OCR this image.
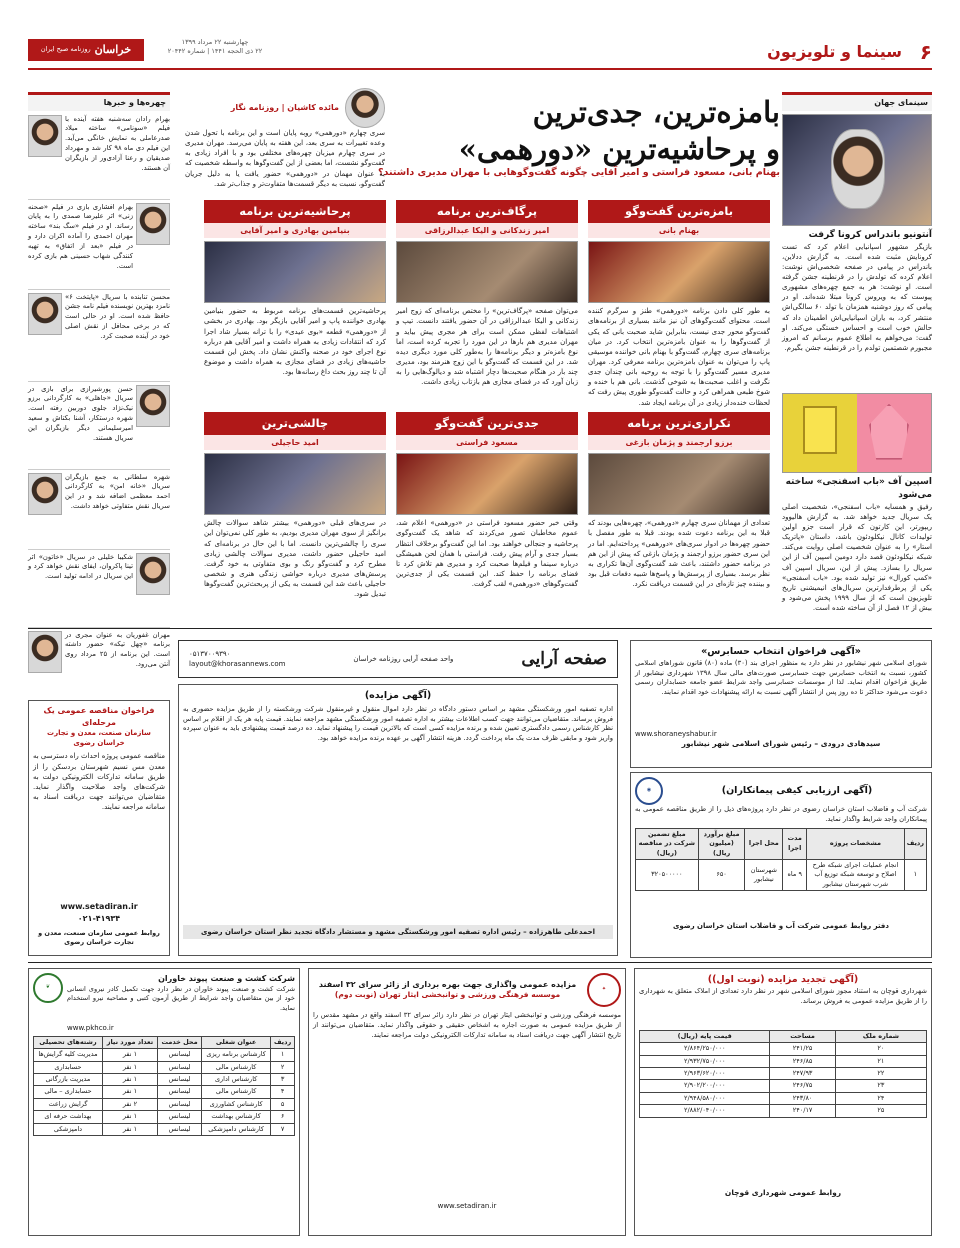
۶
سینما و تلویزیون
چهارشنبه ۲۲ مرداد ۱۳۹۹
۲۲ ذی الحجه ۱۴۴۱ | شماره ۲۰۴۴۲
خراسان
روزنامه صبح ایران
سینمای جهان
آنتونیو باندراس کرونا گرفت
بازیگر مشهور اسپانیایی اعلام کرد که تست کرونایش مثبت شده است. به گزارش ددلاین، باندراس در پیامی در صفحه شخصی‌اش نوشت: اعلام کرده که تولدش را در قرنطینه جشن گرفته است. او نوشت: هر به جمع چهره‌های مشهوری پیوست که به ویروس کرونا مبتلا شده‌اند. او در پیامی که روز دوشنبه همزمان با تولد ۶۰ سالگی‌اش منتشر کرد، به یاران اسپانیایی‌اش اطمینان داد که حالش خوب است و احساس خستگی می‌کند. او گفت: می‌خواهم به اطلاع عموم برسانم که امروز مجبورم شصتمین تولدم را در قرنطینه جشن بگیرم.
اسپین آف «باب اسفنجی» ساخته می‌شود
رفیق و همسایه «باب اسفنجی»، شخصیت اصلی یک سریال جدید خواهد شد. به گزارش هالیوود ریپورتر، این کارتون که قرار است جزو اولین تولیدات کانال نیکلودئون باشد، داستان «پاتریک استار» را به عنوان شخصیت اصلی روایت می‌کند. شبکه نیکلودئون قصد دارد دومین اسپین آف از این سریال را بسازد. پیش از این، سریال اسپین آف «کمپ کورال» نیز تولید شده بود. «باب اسفنجی» یکی از پرطرفدارترین سریال‌های انیمیشنی تاریخ تلویزیون است که از سال ۱۹۹۹ پخش می‌شود و بیش از ۱۲ فصل از آن ساخته شده است.
بامزه‌ترین، جدی‌ترین
و پرحاشیه‌ترین «دورهمی»
بهنام بانی، مسعود فراستی و امیر آقایی چگونه گفت‌وگوهایی با مهران مدیری داشتند؟
مائده کاشیان | روزنامه نگار
سری چهارم «دورهمی» روبه پایان است و این برنامه با تحول شدن وعده تغییرات به سری بعد، این هفته به پایان می‌رسد. مهران مدیری در سری چهارم میزبان چهره‌های مختلفی بود و با افراد زیادی به گفت‌وگو نشست، اما بعضی از این گفت‌وگوها به واسطه شخصیت که به عنوان مهمان در «دورهمی» حضور یافت یا به دلیل جریان گفت‌وگو، نسبت به دیگر قسمت‌ها متفاوت‌تر و جذاب‌تر شد.
بامزه‌ترین گفت‌وگو
بهنام بانی
به طور کلی دادن برنامه «دورهمی» طنز و سرگرم کننده است. محتوای گفت‌وگوهای آن نیز مانند بسیاری از برنامه‌های گفت‌وگو محور جدی نیست، بنابراین شاید صحبت بانی که یکی از گفت‌وگوها را به عنوان بامزه‌ترین انتخاب کرد. در میان برنامه‌های سری چهارم، گفت‌وگو با بهنام بانی خواننده موسیقی پاپ را می‌توان به عنوان بامزه‌ترین برنامه معرفی کرد. مهران مدیری مسیر گفت‌وگو را با توجه به روحیه بانی چندان جدی نگرفت و اغلب صحبت‌ها به شوخی گذشت. بانی هم با خنده و شوخ طبعی همراهی کرد و حالت گفت‌وگو طوری پیش رفت که لحظات خنده‌دار زیادی در آن برنامه ایجاد شد.
پرگاف‌ترین برنامه
امیر زندکانی و الیکا عبدالرزاقی
می‌توان صفحه «پرگاف‌ترین» را مختص برنامه‌ای که زوج امیر زندکانی و الیکا عبدالرزاقی در آن حضور یافتند دانست. تیپ و اشتباهات لفظی ممکن است برای هر مجری پیش بیاید و مهران مدیری هم بارها در این مورد را تجربه کرده است، اما نوع بامزه‌تر و دیگر برنامه‌ها را به‌طور کلی مورد دیگری دیده شد. در این قسمت که گفت‌وگو با این زوج هنرمند بود، مدیری چند بار در هنگام صحبت‌ها دچار اشتباه شد و دیالوگ‌هایی را به زبان آورد که در فضای مجازی هم بازتاب زیادی داشت.
پرحاشیه‌ترین برنامه
بنیامین بهادری و امیر آقایی
پرحاشیه‌ترین قسمت‌های برنامه مربوط به حضور بنیامین بهادری خواننده پاپ و امیر آقایی بازیگر بود. بهادری در بخشی از «دورهمی» قطعه «بوی عیدی» را با ترانه بسیار شاد اجرا کرد که انتقادات زیادی به همراه داشت و امیر آقایی هم درباره نوع اجرای خود در صحنه واکنش نشان داد. پخش این قسمت حاشیه‌های زیادی در فضای مجازی به همراه داشت و موضوع آن تا چند روز بحث داغ رسانه‌ها بود.
تکراری‌ترین برنامه
برزو ارجمند و پژمان بازغی
تعدادی از مهمانان سری چهارم «دورهمی»، چهره‌هایی بودند که قبلا به این برنامه دعوت شده بودند. قبلا به طور مفصل با حضور چهره‌ها در ادوار سری‌های «دورهمی» پرداخته‌ایم. اما در این سری حضور برزو ارجمند و پژمان بازغی که پیش از این هم در برنامه حضور داشتند، باعث شد گفت‌وگوی آن‌ها تکراری به نظر برسد. بسیاری از پرسش‌ها و پاسخ‌ها شبیه دفعات قبل بود و بیننده چیز تازه‌ای در این قسمت دریافت نکرد.
جدی‌ترین گفت‌وگو
مسعود فراستی
وقتی خبر حضور مسعود فراستی در «دورهمی» اعلام شد، عموم مخاطبان تصور می‌کردند که شاهد یک گفت‌وگوی پرحاشیه و جنجالی خواهند بود. اما این گفت‌وگو برخلاف انتظار بسیار جدی و آرام پیش رفت. فراستی با همان لحن همیشگی درباره سینما و فیلم‌ها صحبت کرد و مدیری هم تلاش کرد تا فضای برنامه را حفظ کند. این قسمت یکی از جدی‌ترین گفت‌وگوهای «دورهمی» لقب گرفت.
چالشی‌ترین
امید حاجیلی
در سری‌های قبلی «دورهمی» بیشتر شاهد سوالات چالش برانگیز از سوی مهران مدیری بودیم، به طور کلی نمی‌توان این سری را چالشی‌ترین دانست. اما با این حال در برنامه‌ای که امید حاجیلی حضور داشت، مدیری سوالات چالشی زیادی مطرح کرد و گفت‌وگو رنگ و بوی متفاوتی به خود گرفت. پرسش‌های مدیری درباره حواشی زندگی هنری و شخصی حاجیلی باعث شد این قسمت به یکی از پربحث‌ترین گفت‌وگوها تبدیل شود.
چهره‌ها و خبرها
بهرام رادان سه‌شنبه هفته آینده با فیلم «سونامی» ساخته میلاد صدرعاملی به نمایش خانگی می‌آید. این فیلم دی ماه ۹۸ کار شد و مهرداد صدیقیان و رعنا آزادی‌ور از بازیگران آن هستند.
بهرام افشاری بازی در فیلم «صحنه زنی» اثر علیرضا صمدی را به پایان رساند. او در فیلم «سگ بند» ساخته مهران احمدی را آماده اکران دارد و در فیلم «بعد از اتفاق» به تهیه کنندگی شهاب حسینی هم بازی کرده است.
محسن تنابنده با سریال «پایتخت ۶» نامزد بهترین نویسنده فیلم نامه جشن حافظ شده است. او در حالی است که در برخی محافل از نقش اصلی خود در آینده صحبت کرد.
حسن پورشیرازی برای بازی در سریال «جاهلی» به کارگردانی برزو نیک‌نژاد جلوی دوربین رفته است. شهره درستکار، آشنا بکتاش و سعید امیرسلیمانی دیگر بازیگران این سریال هستند.
شهره سلطانی به جمع بازیگران سریال «خانه امن» به کارگردانی احمد معظمی اضافه شد و در این سریال نقش متفاوتی خواهد داشت.
شکیبا خلیلی در سریال «خاتون» اثر تینا پاکروان، ایفای نقش خواهد کرد و این سریال در ادامه تولید است.
مهران غفوریان به عنوان مجری در برنامه «چهل تیکه» حضور داشته است. این برنامه از ۲۵ مرداد روی آنتن می‌رود.	صفحه آرایی
واحد صفحه آرایی روزنامه خراسان
۰۵۱۳۷۰۰۹۳۹۰
layout@khorasannews.com
(آگهی مزایده)
اداره تصفیه امور ورشکستگی مشهد بر اساس دستور دادگاه در نظر دارد اموال منقول و غیرمنقول شرکت ورشکسته را از طریق مزایده حضوری به فروش برساند. متقاضیان می‌توانند جهت کسب اطلاعات بیشتر به اداره تصفیه امور ورشکستگی مشهد مراجعه نمایند. قیمت پایه هر یک از اقلام بر اساس نظر کارشناس رسمی دادگستری تعیین شده و برنده مزایده کسی است که بالاترین قیمت را پیشنهاد نماید. ده درصد قیمت پیشنهادی باید به عنوان سپرده واریز شود و مابقی ظرف مدت یک ماه پرداخت گردد. هزینه انتشار آگهی بر عهده برنده مزایده خواهد بود.
احمدعلی طاهرزاده – رئیس اداره تصفیه امور ورشکستگی مشهد و مستشار دادگاه تجدید نظر استان خراسان رضوی
«آگهی فراخوان انتخاب حسابرس»
شورای اسلامی شهر نیشابور در نظر دارد به منظور اجرای بند (۳۰) ماده (۸۰) قانون شوراهای اسلامی کشور، نسبت به انتخاب حسابرس جهت حسابرسی صورت‌های مالی سال ۱۳۹۸ شهرداری نیشابور از طریق فراخوان اقدام نماید. لذا از موسسات حسابرسی واجد شرایط عضو جامعه حسابداران رسمی دعوت می‌شود حداکثر تا ده روز پس از انتشار آگهی نسبت به ارائه پیشنهادات خود اقدام نمایند.
www.shoraneyshabur.ir
سیدهادی درودی – رئیس شورای اسلامی شهر نیشابور
(آگهی ارزیابی کیفی پیمانکاران)
◉
شرکت آب و فاضلاب استان خراسان رضوی در نظر دارد پروژه‌های ذیل را از طریق مناقصه عمومی به پیمانکاران واجد شرایط واگذار نماید.
ردیف	مشخصات پروژه	مدت اجرا	محل اجرا	مبلغ برآورد (میلیون ریال)	مبلغ تضمین شرکت در مناقصه (ریال)
۱	انجام عملیات اجرای شبکه طرح اصلاح و توسعه شبکه توزیع آب شرب شهرستان نیشابور	۹ ماه	شهرستان نیشابور	۶۵۰	۳۲۰۵۰۰۰۰۰
دفتر روابط عمومی شرکت آب و فاضلاب استان خراسان رضوی
فراخوان مناقصه عمومی یک مرحله‌ای
سازمان صنعت، معدن و تجارت خراسان رضوی
مناقصه عمومی پروژه احداث راه دسترسی به معدن مس نسیم شهرستان بردسکن را از طریق سامانه تدارکات الکترونیکی دولت به شرکت‌های واجد صلاحیت واگذار نماید. متقاضیان می‌توانند جهت دریافت اسناد به سامانه مراجعه نمایند.
www.setadiran.ir
۰۲۱-۴۱۹۳۴
روابط عمومی سازمان صنعت، معدن و تجارت خراسان رضوی
شرکت کشت و صنعت پیوند خاوران
شرکت کشت و صنعت پیوند خاوران در نظر دارد جهت تکمیل کادر نیروی انسانی خود از بین متقاضیان واجد شرایط از طریق آزمون کتبی و مصاحبه نیرو استخدام نماید.
www.pkhco.ir
❦
ردیف	عنوان شغلی	محل خدمت	تعداد مورد نیاز	رشته‌های تحصیلی
۱	کارشناس برنامه ریزی	لیسانس	۱ نفر	مدیریت کلیه گرایش‌ها
۲	کارشناس مالی	لیسانس	۱ نفر	حسابداری
۳	کارشناس اداری	لیسانس	۱ نفر	مدیریت بازرگانی
۴	کارشناس مالی	لیسانس	۱ نفر	حسابداری – مالی
۵	کارشناس کشاورزی	لیسانس	۲ نفر	گرایش زراعت
۶	کارشناس بهداشت	لیسانس	۱ نفر	بهداشت حرفه ای
۷	کارشناس دامپزشکی	لیسانس	۱ نفر	دامپزشکی
✦
مزایده عمومی واگذاری جهت بهره برداری از زائر سرای ۳۲ اسفند
موسسه فرهنگی ورزشی و توانبخشی ایثار تهران (نوبت دوم)
موسسه فرهنگی ورزشی و توانبخشی ایثار تهران در نظر دارد زائر سرای ۳۲ اسفند واقع در مشهد مقدس را از طریق مزایده عمومی به صورت اجاره به اشخاص حقیقی و حقوقی واگذار نماید. متقاضیان می‌توانند از تاریخ انتشار آگهی جهت دریافت اسناد به سامانه تدارکات الکترونیکی دولت مراجعه نمایند.
www.setadiran.ir
(آگهی تجدید مزایده (نوبت اول))
شهرداری قوچان به استناد مجوز شورای اسلامی شهر در نظر دارد تعدادی از املاک متعلق به شهرداری را از طریق مزایده عمومی به فروش برساند.
شماره ملک	مساحت	قیمت پایه (ریال)
۲۰	۲۴۱/۲۵	۲/۸۶۴/۲۵۰/۰۰۰
۲۱	۲۴۶/۸۵	۲/۹۳۲/۷۵۰/۰۰۰
۲۲	۲۴۷/۹۳	۲/۹۶۳/۶۲۰/۰۰۰
۲۳	۲۴۶/۷۵	۲/۹۰۲/۲۰۰/۰۰۰
۲۴	۲۴۳/۸۰	۲/۹۴۸/۵۸۰/۰۰۰
۲۵	۲۴۰/۱۷	۲/۸۸۲/۰۴۰/۰۰۰
روابط عمومی شهرداری قوچان
